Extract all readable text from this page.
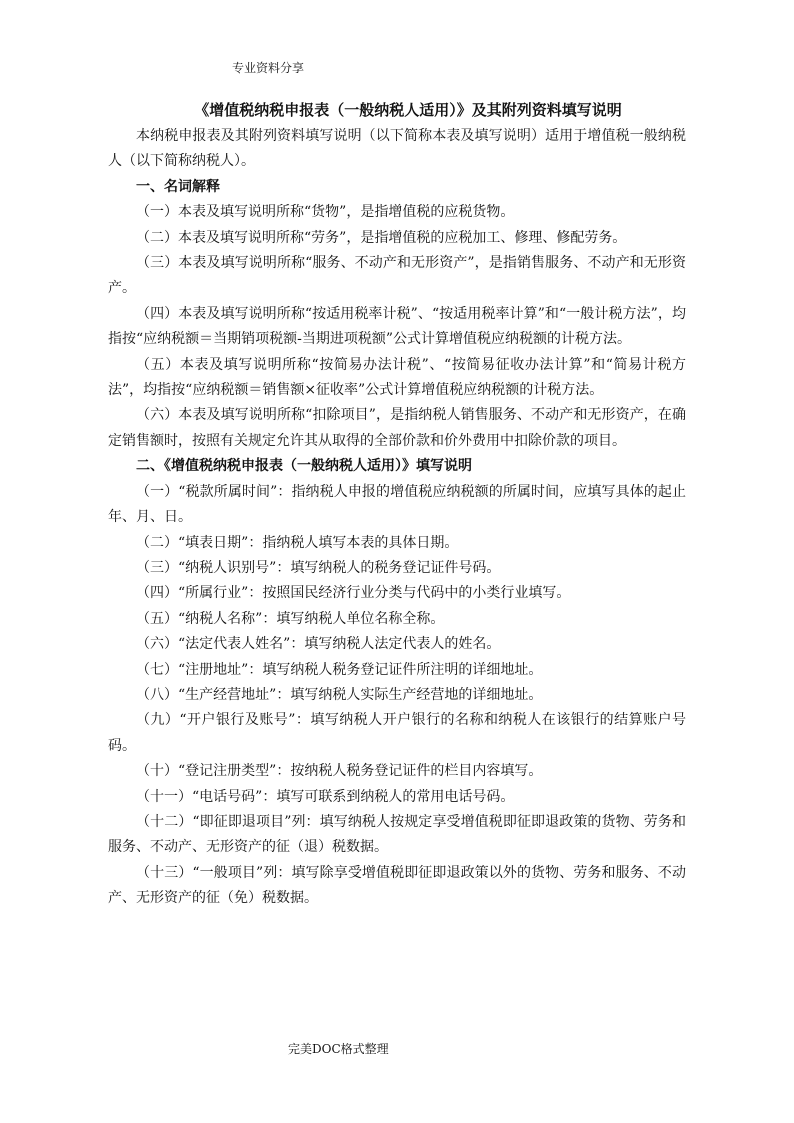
专业资料分享
《增值税纳税申报表（一般纳税人适用）》及其附列资料填写说明

本纳税申报表及其附列资料填写说明（以下简称本表及填写说明）适用于增值税一般纳税人（以下简称纳税人）。

一、名词解释

（一）本表及填写说明所称“货物”，是指增值税的应税货物。

（二）本表及填写说明所称“劳务”，是指增值税的应税加工、修理、修配劳务。

（三）本表及填写说明所称“服务、不动产和无形资产”，是指销售服务、不动产和无形资产。

（四）本表及填写说明所称“按适用税率计税”、“按适用税率计算”和“一般计税方法”，均指按“应纳税额＝当期销项税额-当期进项税额”公式计算增值税应纳税额的计税方法。

（五）本表及填写说明所称“按简易办法计税”、“按简易征收办法计算”和“简易计税方法”，均指按“应纳税额＝销售额×征收率”公式计算增值税应纳税额的计税方法。

（六）本表及填写说明所称“扣除项目”，是指纳税人销售服务、不动产和无形资产，在确定销售额时，按照有关规定允许其从取得的全部价款和价外费用中扣除价款的项目。

二、《增值税纳税申报表（一般纳税人适用）》填写说明

（一）“税款所属时间”：指纳税人申报的增值税应纳税额的所属时间，应填写具体的起止年、月、日。

（二）“填表日期”：指纳税人填写本表的具体日期。

（三）“纳税人识别号”：填写纳税人的税务登记证件号码。

（四）“所属行业”：按照国民经济行业分类与代码中的小类行业填写。

（五）“纳税人名称”：填写纳税人单位名称全称。

（六）“法定代表人姓名”：填写纳税人法定代表人的姓名。

（七）“注册地址”：填写纳税人税务登记证件所注明的详细地址。

（八）“生产经营地址”：填写纳税人实际生产经营地的详细地址。

（九）“开户银行及账号”：填写纳税人开户银行的名称和纳税人在该银行的结算账户号码。

（十）“登记注册类型”：按纳税人税务登记证件的栏目内容填写。

（十一）“电话号码”：填写可联系到纳税人的常用电话号码。

（十二）“即征即退项目”列：填写纳税人按规定享受增值税即征即退政策的货物、劳务和服务、不动产、无形资产的征（退）税数据。

（十三）“一般项目”列：填写除享受增值税即征即退政策以外的货物、劳务和服务、不动产、无形资产的征（免）税数据。

完美DOC格式整理
